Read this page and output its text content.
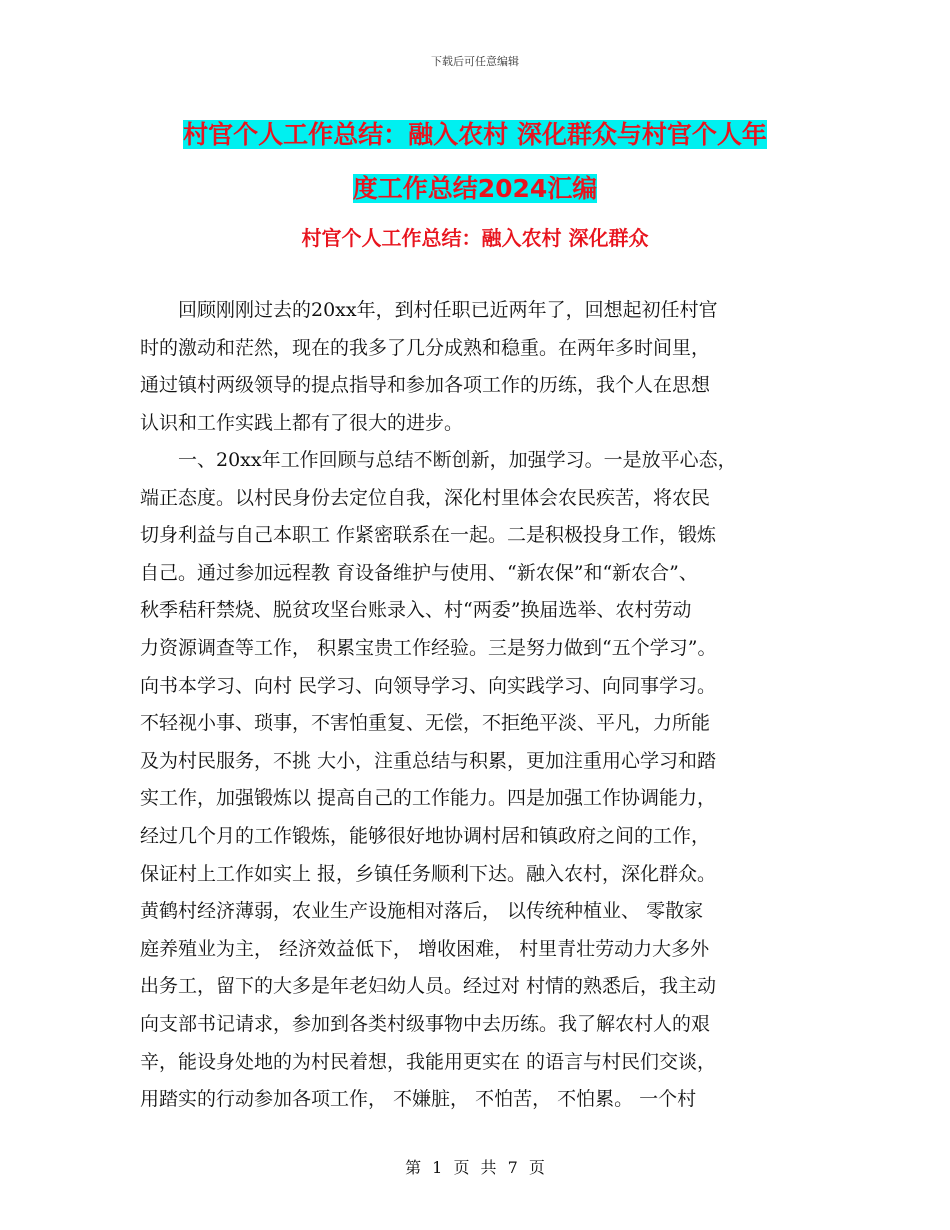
下载后可任意编辑
村官个人工作总结：融入农村 深化群众与村官个人年
度工作总结2024汇编
村官个人工作总结：融入农村 深化群众
　　回顾刚刚过去的20xx年，到村任职已近两年了，回想起初任村官
时的激动和茫然，现在的我多了几分成熟和稳重。在两年多时间里，
通过镇村两级领导的提点指导和参加各项工作的历练，我个人在思想
认识和工作实践上都有了很大的进步。
　　一、20xx年工作回顾与总结不断创新，加强学习。一是放平心态，
端正态度。以村民身份去定位自我，深化村里体会农民疾苦，将农民
切身利益与自己本职工 作紧密联系在一起。二是积极投身工作，锻炼
自己。通过参加远程教 育设备维护与使用、“新农保”和“新农合”、
秋季秸秆禁烧、脱贫攻坚台账录入、村“两委”换届选举、农村劳动
力资源调查等工作， 积累宝贵工作经验。三是努力做到“五个学习”。
向书本学习、向村 民学习、向领导学习、向实践学习、向同事学习。
不轻视小事、琐事，不害怕重复、无偿，不拒绝平淡、平凡，力所能
及为村民服务，不挑 大小，注重总结与积累，更加注重用心学习和踏
实工作，加强锻炼以 提高自己的工作能力。四是加强工作协调能力，
经过几个月的工作锻炼，能够很好地协调村居和镇政府之间的工作，
保证村上工作如实上 报，乡镇任务顺利下达。融入农村，深化群众。
黄鹤村经济薄弱，农业生产设施相对落后， 以传统种植业、 零散家
庭养殖业为主， 经济效益低下， 增收困难， 村里青壮劳动力大多外
出务工，留下的大多是年老妇幼人员。经过对 村情的熟悉后，我主动
向支部书记请求，参加到各类村级事物中去历练。我了解农村人的艰
辛，能设身处地的为村民着想，我能用更实在 的语言与村民们交谈，
用踏实的行动参加各项工作， 不嫌脏， 不怕苦， 不怕累。 一个村
第 1 页 共 7 页
